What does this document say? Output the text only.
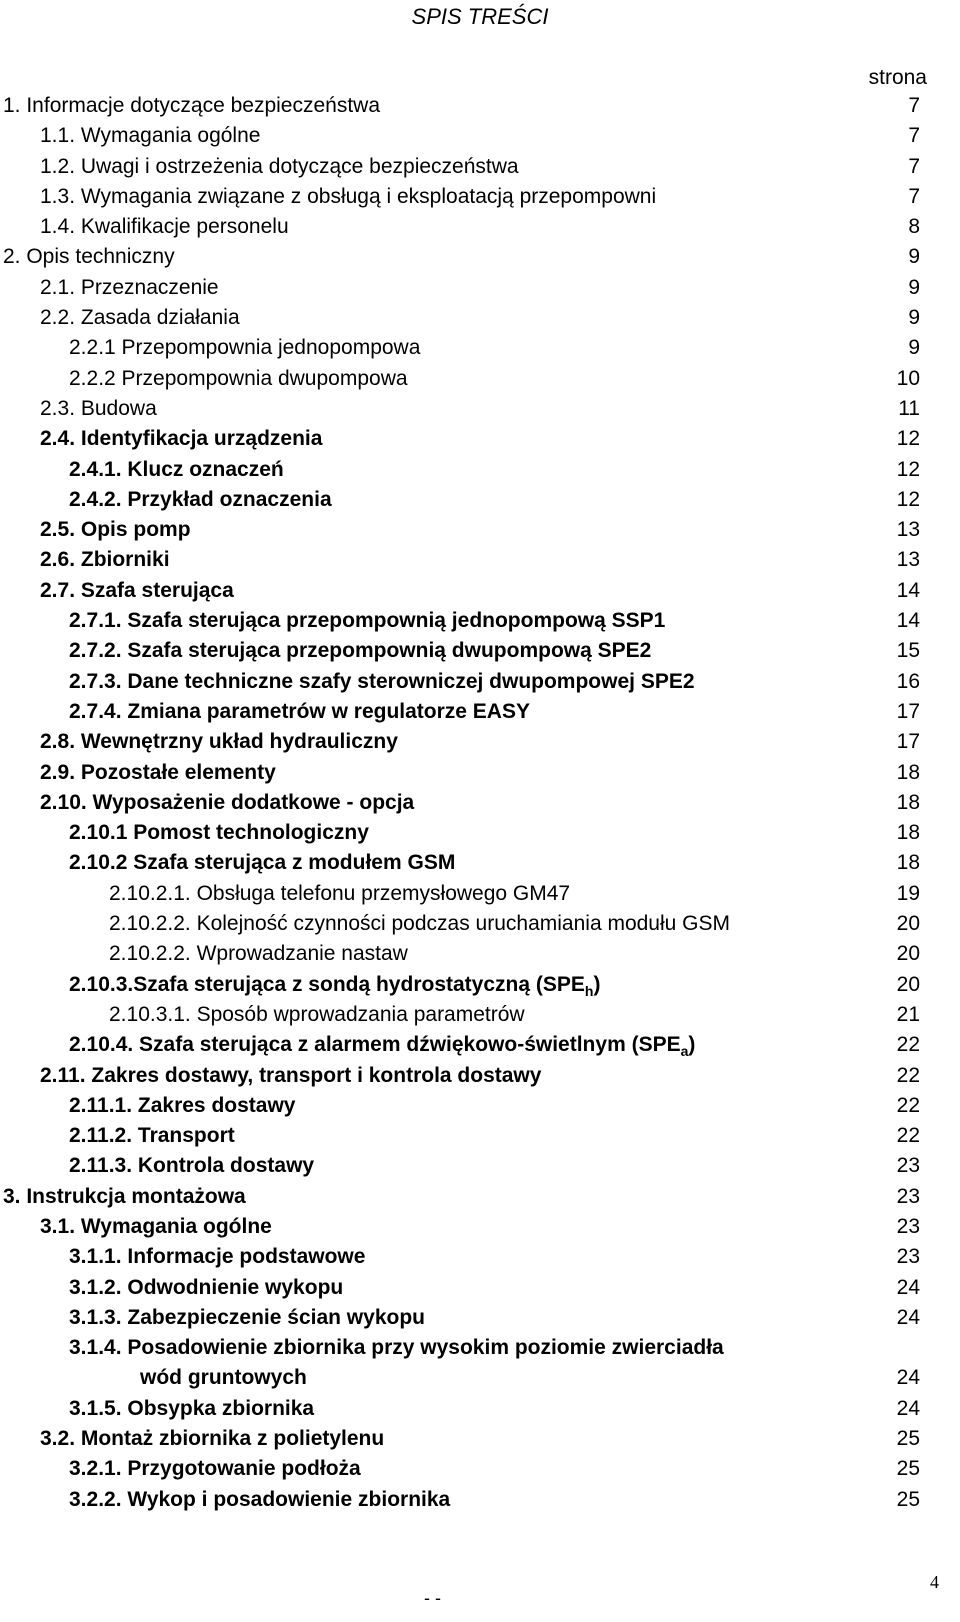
SPIS TREŚCI
strona
1. Informacje dotyczące bezpieczeństwa	7
1.1. Wymagania ogólne	7
1.2. Uwagi i ostrzeżenia dotyczące bezpieczeństwa	7
1.3. Wymagania związane z obsługą i eksploatacją przepompowni	7
1.4. Kwalifikacje personelu	8
2. Opis techniczny	9
2.1. Przeznaczenie	9
2.2. Zasada działania	9
2.2.1 Przepompownia jednopompowa	9
2.2.2 Przepompownia dwupompowa	10
2.3. Budowa	11
2.4. Identyfikacja urządzenia	12
2.4.1. Klucz oznaczeń	12
2.4.2. Przykład oznaczenia	12
2.5. Opis pomp	13
2.6. Zbiorniki	13
2.7. Szafa sterująca	14
2.7.1. Szafa sterująca przepompownią jednopompową SSP1	14
2.7.2. Szafa sterująca przepompownią dwupompową SPE2	15
2.7.3. Dane techniczne szafy sterowniczej dwupompowej SPE2	16
2.7.4. Zmiana parametrów w regulatorze EASY	17
2.8. Wewnętrzny układ hydrauliczny	17
2.9. Pozostałe elementy	18
2.10. Wyposażenie dodatkowe - opcja	18
2.10.1 Pomost technologiczny	18
2.10.2 Szafa sterująca z modułem GSM	18
2.10.2.1. Obsługa telefonu przemysłowego GM47	19
2.10.2.2. Kolejność czynności podczas uruchamiania modułu GSM	20
2.10.2.2. Wprowadzanie nastaw	20
2.10.3.Szafa sterująca z sondą hydrostatyczną $(SPE_h)$	20
2.10.3.1. Sposób wprowadzania parametrów	21
2.10.4. Szafa sterująca z alarmem dźwiękowo-świetlnym $(SPE_a)$	22
2.11. Zakres dostawy, transport i kontrola dostawy	22
2.11.1. Zakres dostawy	22
2.11.2. Transport	22
2.11.3. Kontrola dostawy	23
3. Instrukcja montażowa	23
3.1. Wymagania ogólne	23
3.1.1. Informacje podstawowe	23
3.1.2. Odwodnienie wykopu	24
3.1.3. Zabezpieczenie ścian wykopu	24
3.1.4. Posadowienie zbiornika przy wysokim poziomie zwierciadła
wód gruntowych	24
3.1.5. Obsypka zbiornika	24
3.2. Montaż zbiornika z polietylenu	25
3.2.1. Przygotowanie podłoża	25
3.2.2. Wykop i posadowienie zbiornika	25
4
- -
